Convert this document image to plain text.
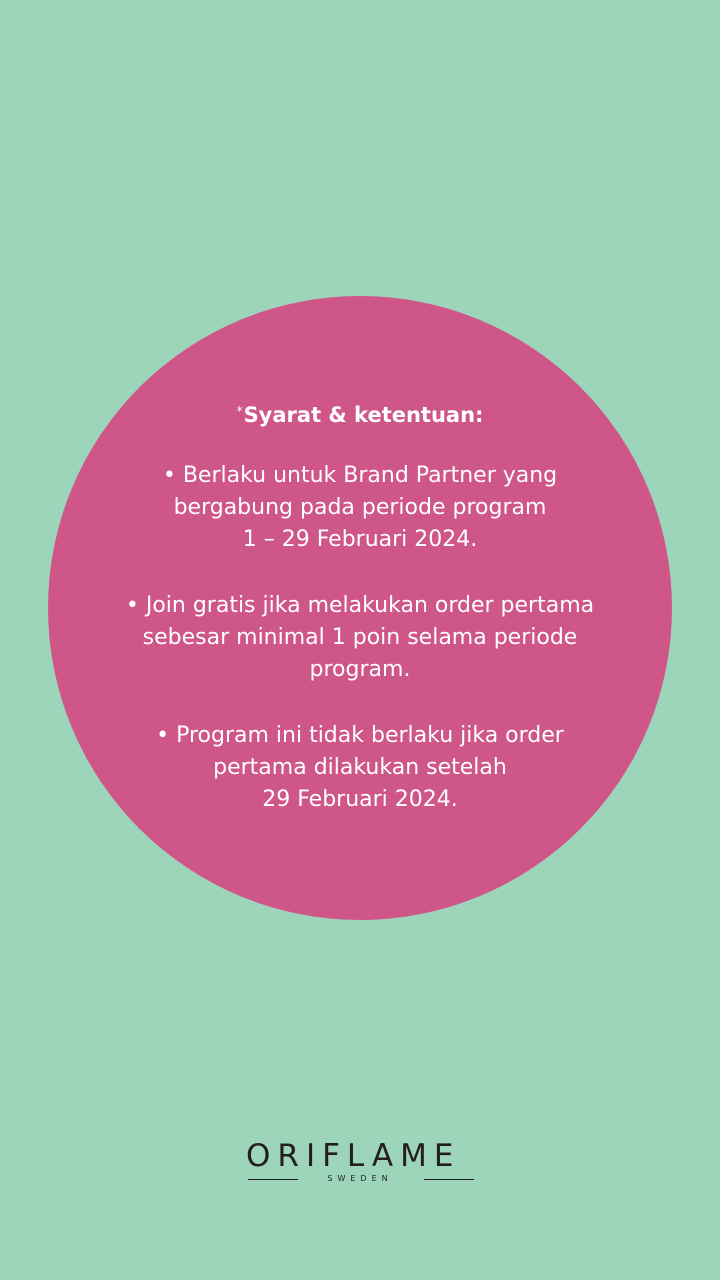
*Syarat & ketentuan:
• Berlaku untuk Brand Partner yang
bergabung pada periode program
1 – 29 Februari 2024.
• Join gratis jika melakukan order pertama
sebesar minimal 1 poin selama periode
program.
• Program ini tidak berlaku jika order
pertama dilakukan setelah
29 Februari 2024.
ORIFLAME
SWEDEN
